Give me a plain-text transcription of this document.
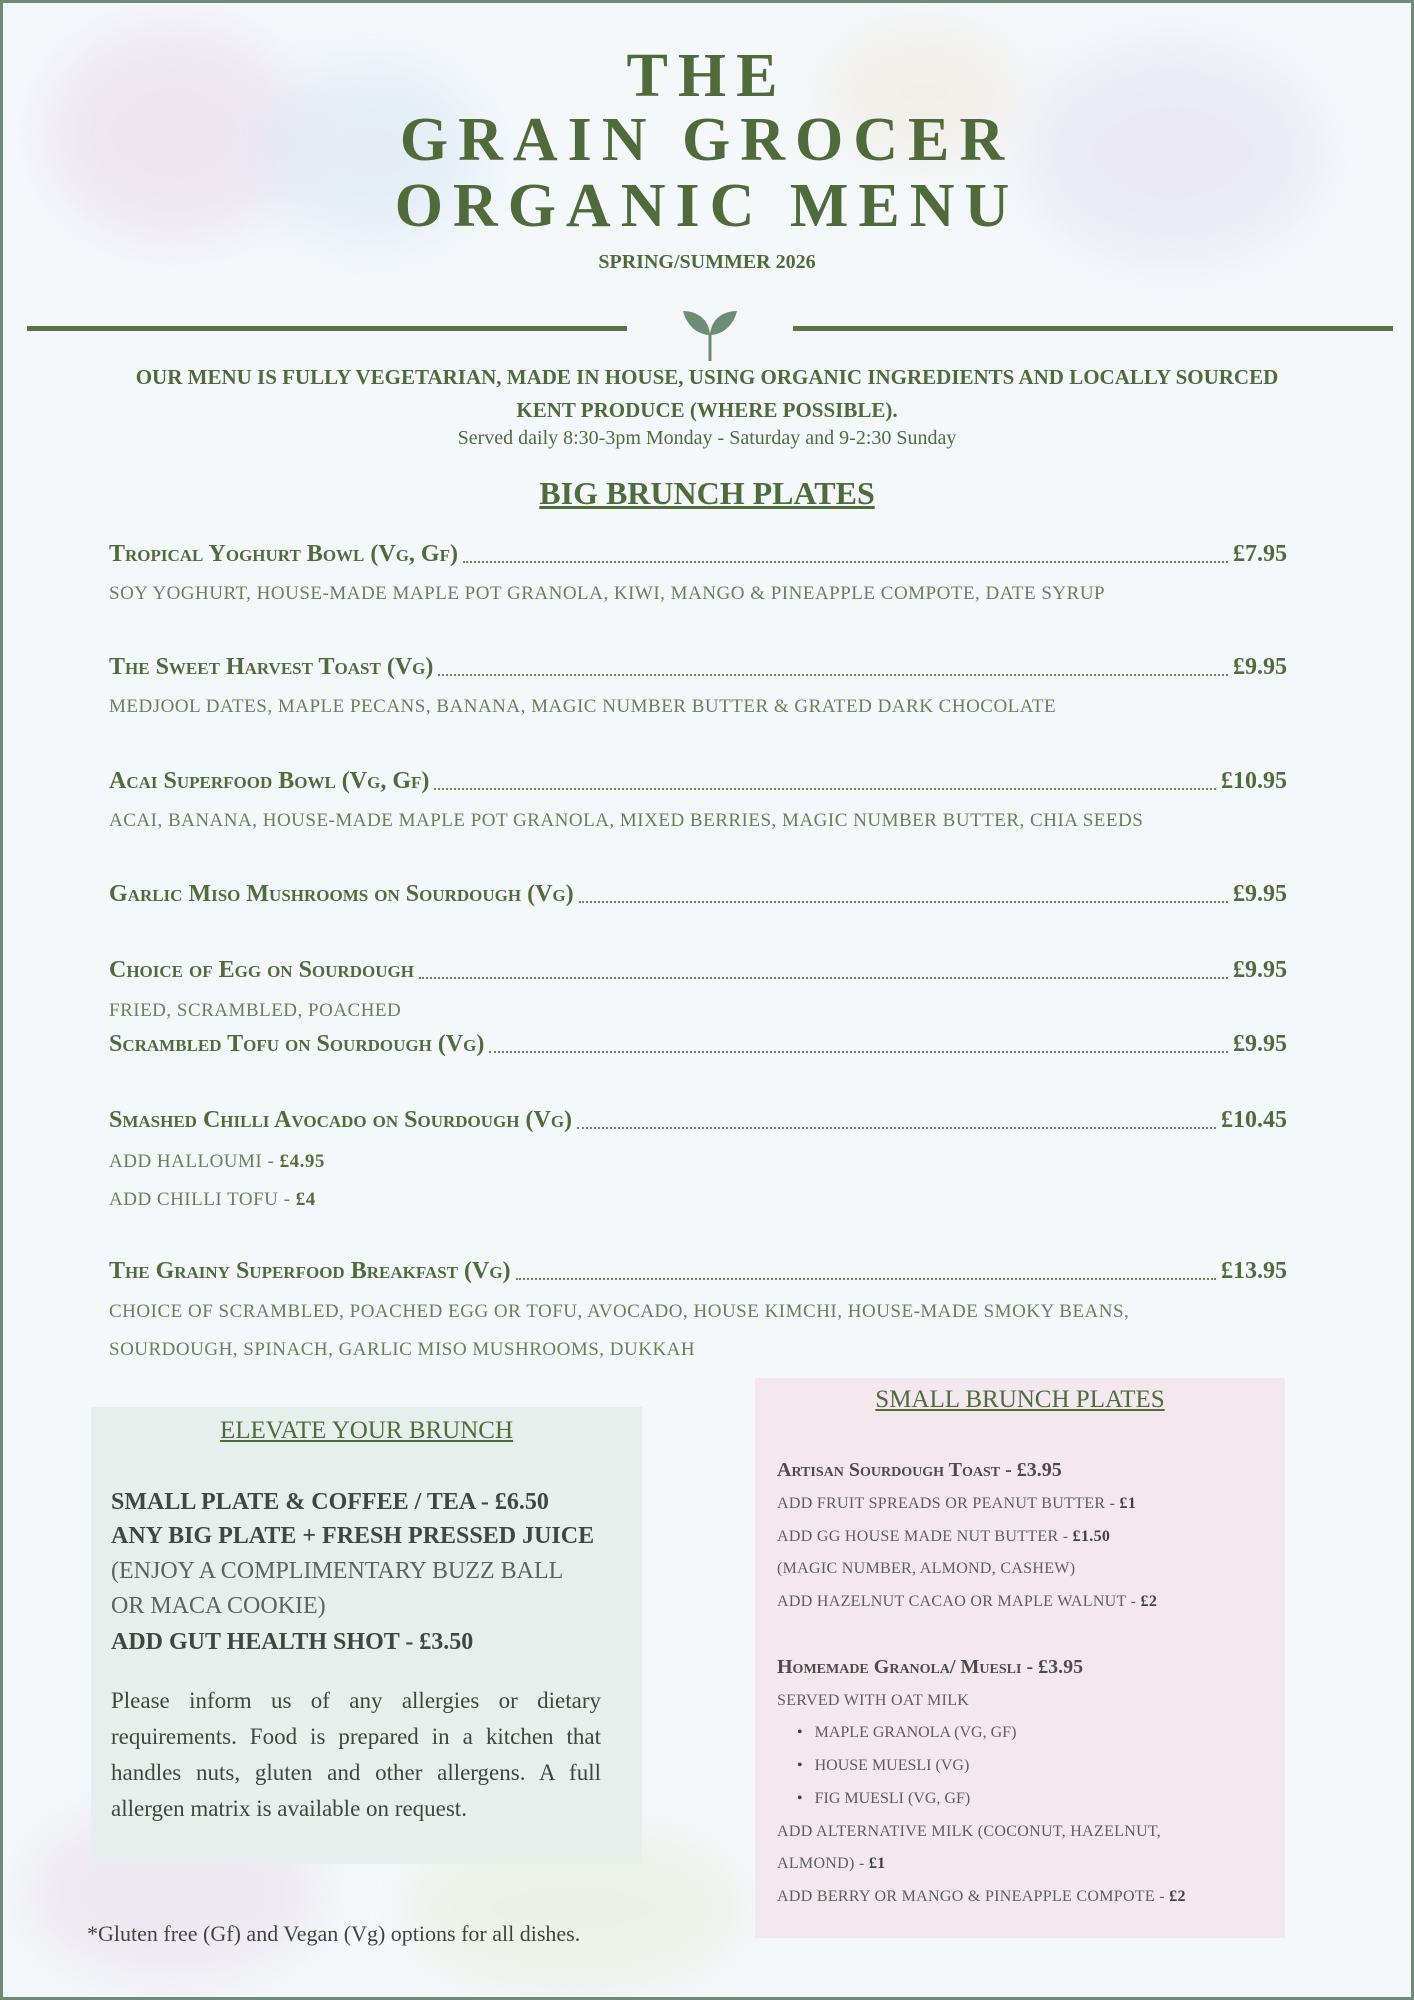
THE
GRAIN GROCER
ORGANIC MENU
SPRING/SUMMER 2026
OUR MENU IS FULLY VEGETARIAN, MADE IN HOUSE, USING ORGANIC INGREDIENTS AND LOCALLY SOURCED KENT PRODUCE (WHERE POSSIBLE).
Served daily 8:30-3pm Monday - Saturday and 9-2:30 Sunday
BIG BRUNCH PLATES
Tropical Yoghurt Bowl (Vg, Gf)	£7.95
SOY YOGHURT, HOUSE-MADE MAPLE POT GRANOLA, KIWI, MANGO & PINEAPPLE COMPOTE, DATE SYRUP
The Sweet Harvest Toast (Vg)	£9.95
MEDJOOL DATES, MAPLE PECANS, BANANA, MAGIC NUMBER BUTTER & GRATED DARK CHOCOLATE
Acai Superfood Bowl (Vg, Gf)	£10.95
ACAI, BANANA, HOUSE-MADE MAPLE POT GRANOLA, MIXED BERRIES, MAGIC NUMBER BUTTER, CHIA SEEDS
Garlic Miso Mushrooms on Sourdough (Vg)	£9.95
Choice of Egg on Sourdough	£9.95
FRIED, SCRAMBLED, POACHED
Scrambled Tofu on Sourdough (Vg)	£9.95
Smashed Chilli Avocado on Sourdough (Vg)	£10.45
ADD HALLOUMI - £4.95
ADD CHILLI TOFU - £4
The Grainy Superfood Breakfast (Vg)	£13.95
CHOICE OF SCRAMBLED, POACHED EGG OR TOFU, AVOCADO, HOUSE KIMCHI, HOUSE-MADE SMOKY BEANS,
SOURDOUGH, SPINACH, GARLIC MISO MUSHROOMS, DUKKAH
ELEVATE YOUR BRUNCH
SMALL PLATE & COFFEE / TEA - £6.50
ANY BIG PLATE + FRESH PRESSED JUICE
(ENJOY A COMPLIMENTARY BUZZ BALL
OR MACA COOKIE)
ADD GUT HEALTH SHOT - £3.50
Please inform us of any allergies or dietary requirements. Food is prepared in a kitchen that handles nuts, gluten and other allergens. A full allergen matrix is available on request.
SMALL BRUNCH PLATES
Artisan Sourdough Toast - £3.95
ADD FRUIT SPREADS OR PEANUT BUTTER - £1
ADD GG HOUSE MADE NUT BUTTER - £1.50
(MAGIC NUMBER, ALMOND, CASHEW)
ADD HAZELNUT CACAO OR MAPLE WALNUT - £2
Homemade Granola/ Muesli - £3.95
SERVED WITH OAT MILK
• MAPLE GRANOLA (VG, GF)
• HOUSE MUESLI (VG)
• FIG MUESLI (VG, GF)
ADD ALTERNATIVE MILK (COCONUT, HAZELNUT,
ALMOND) - £1
ADD BERRY OR MANGO & PINEAPPLE COMPOTE - £2
*Gluten free (Gf) and Vegan (Vg) options for all dishes.
